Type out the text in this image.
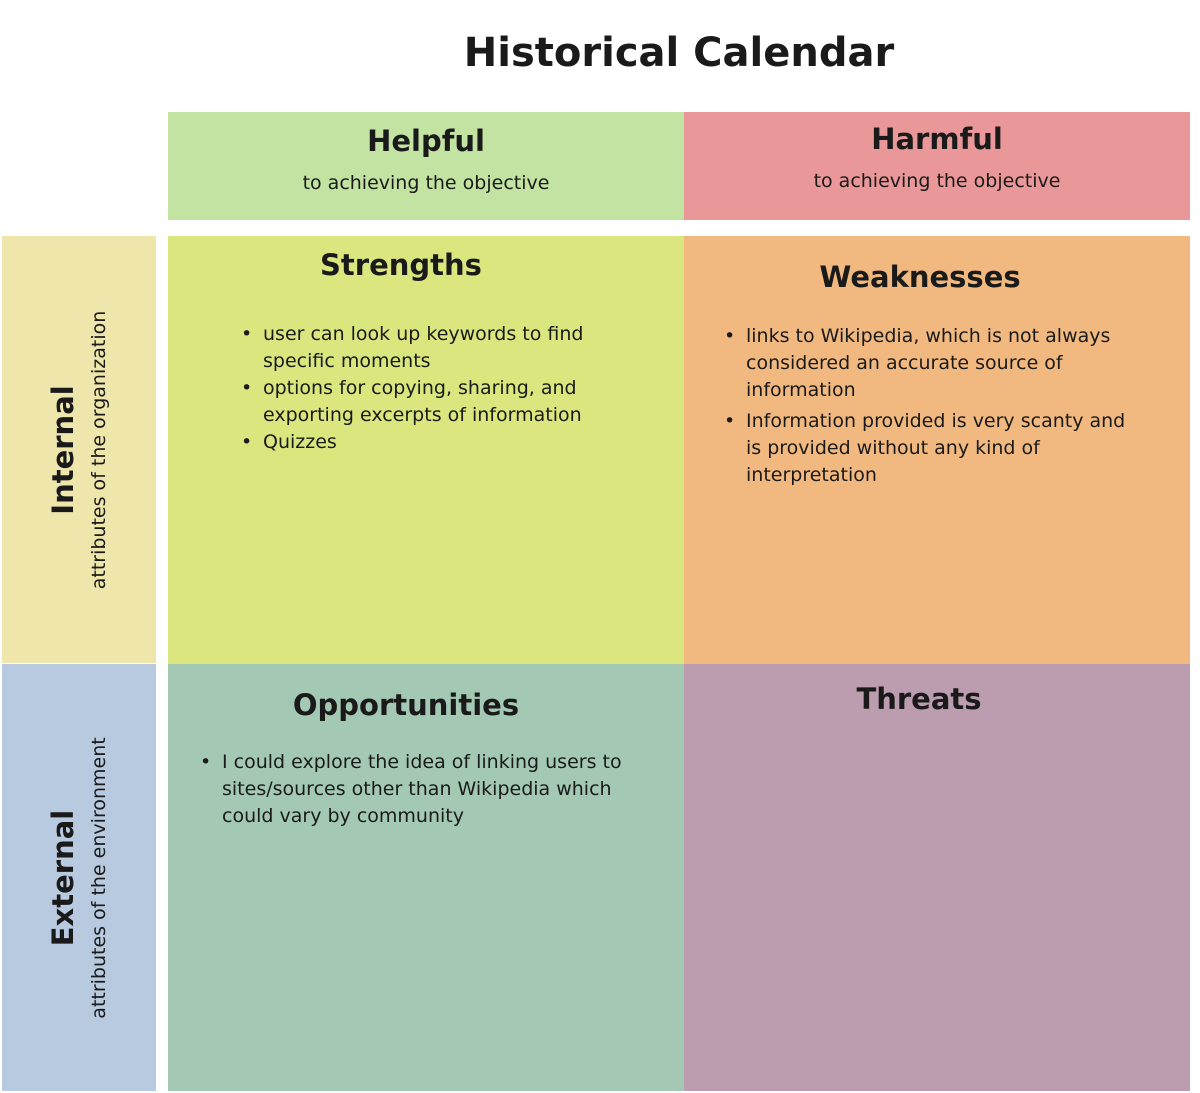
Historical Calendar
Helpful
to achieving the objective
Harmful
to achieving the objective
Internal attributes of the organization
External attributes of the environment
Strengths
• user can look up keywords to find specific moments
• options for copying, sharing, and exporting excerpts of information
• Quizzes
Weaknesses
• links to Wikipedia, which is not always considered an accurate source of information
• Information provided is very scanty and is provided without any kind of interpretation
Opportunities
• I could explore the idea of linking users to sites/sources other than Wikipedia which could vary by community
Threats
